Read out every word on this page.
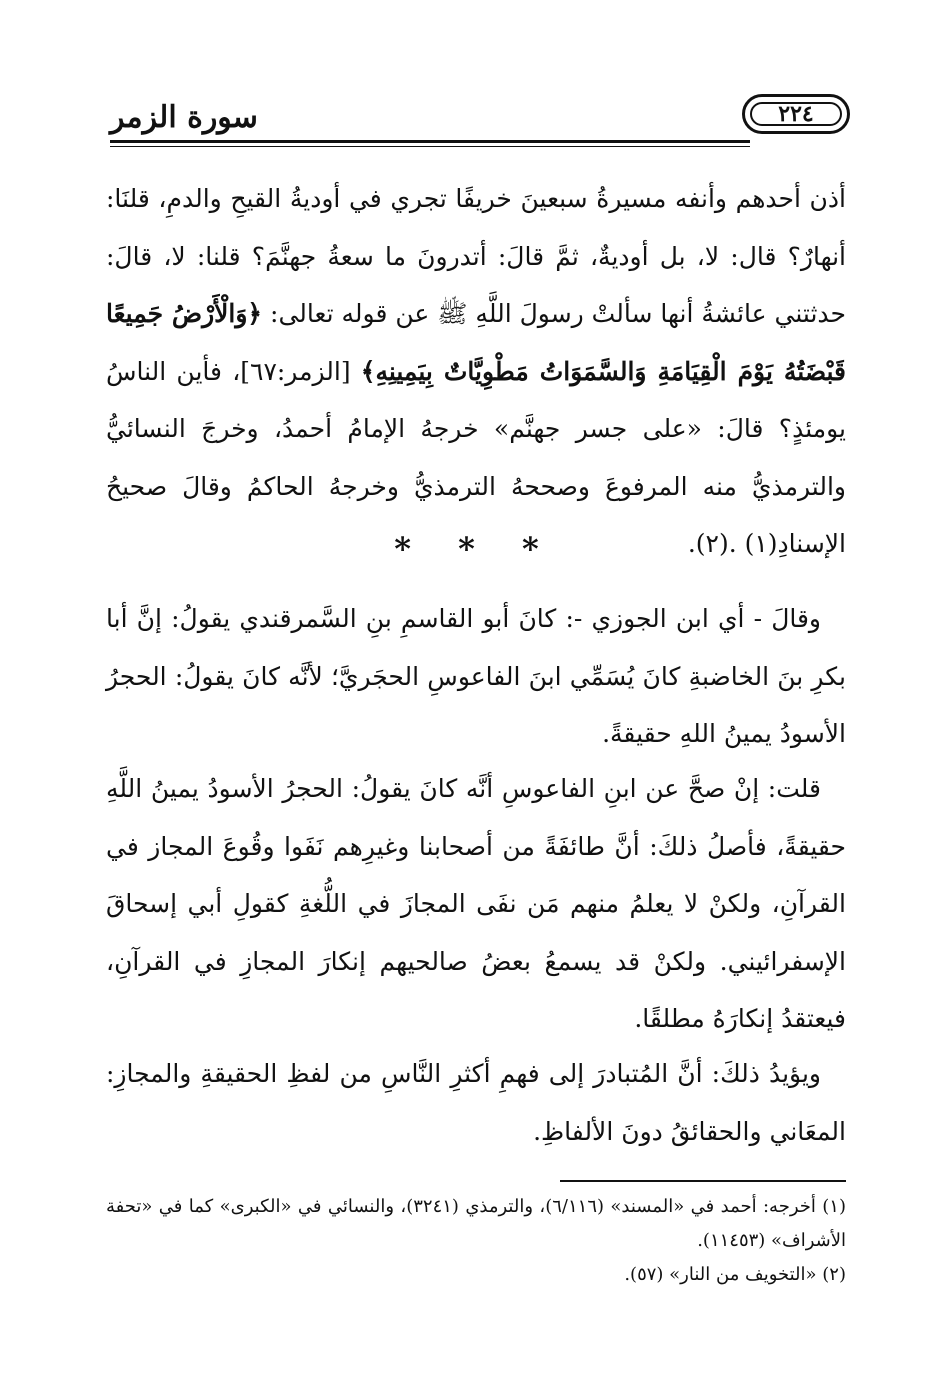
سورة الزمر	٢٢٤
أذن أحدهم وأنفه مسيرةُ سبعينَ خريفًا تجري في أوديةُ القيحِ والدمِ، قلنَا: أنهارٌ؟ قال: لا، بل أوديةٌ، ثمَّ قالَ: أتدرونَ ما سعةُ جهنَّمَ؟ قلنا: لا، قالَ: حدثتني عائشةُ أنها سألتْ رسولَ اللَّهِ ﷺ عن قوله تعالى: ﴿وَالْأَرْضُ جَمِيعًا قَبْضَتُهُ يَوْمَ الْقِيَامَةِ وَالسَّمَوَاتُ مَطْوِيَّاتٌ بِيَمِينِهِ﴾ [الزمر:٦٧]، فأين الناسُ يومئذٍ؟ قالَ: «على جسر جهنَّم» خرجهُ الإمامُ أحمدُ، وخرجَ النسائيُّ والترمذيُّ منه المرفوعَ وصححهُ الترمذيُّ وخرجهُ الحاكمُ وقالَ صحيحُ الإسنادِ(١) .(٢).
* * *
وقالَ - أي ابن الجوزي -: كانَ أبو القاسمِ بنِ السَّمرقندي يقولُ: إنَّ أبا بكرِ بنَ الخاضبةِ كانَ يُسَمِّي ابنَ الفاعوسِ الحجَريَّ؛ لأنَّه كانَ يقولُ: الحجرُ الأسودُ يمينُ اللهِ حقيقةً.
قلت: إنْ صحَّ عن ابنِ الفاعوسِ أنَّه كانَ يقولُ: الحجرُ الأسودُ يمينُ اللَّهِ حقيقةً، فأصلُ ذلكَ: أنَّ طائفَةً من أصحابنا وغيرِهم نَفَوا وقُوعَ المجاز في القرآنِ، ولكنْ لا يعلمُ منهم مَن نفَى المجازَ في اللُّغةِ كقولِ أبي إسحاقَ الإسفرائيني. ولكنْ قد يسمعُ بعضُ صالحيهم إنكارَ المجازِ في القرآنِ، فيعتقدُ إنكارَهُ مطلقًا.
ويؤيدُ ذلكَ: أنَّ المُتبادرَ إلى فهمِ أكثرِ النَّاسِ من لفظِ الحقيقةِ والمجازِ: المعَاني والحقائقُ دونَ الألفاظِ.

(١) أخرجه: أحمد في «المسند» (٦/١١٦)، والترمذي (٣٢٤١)، والنسائي في «الكبرى» كما في «تحفة الأشراف» (١١٤٥٣).

(٢) «التخويف من النار» (٥٧).
